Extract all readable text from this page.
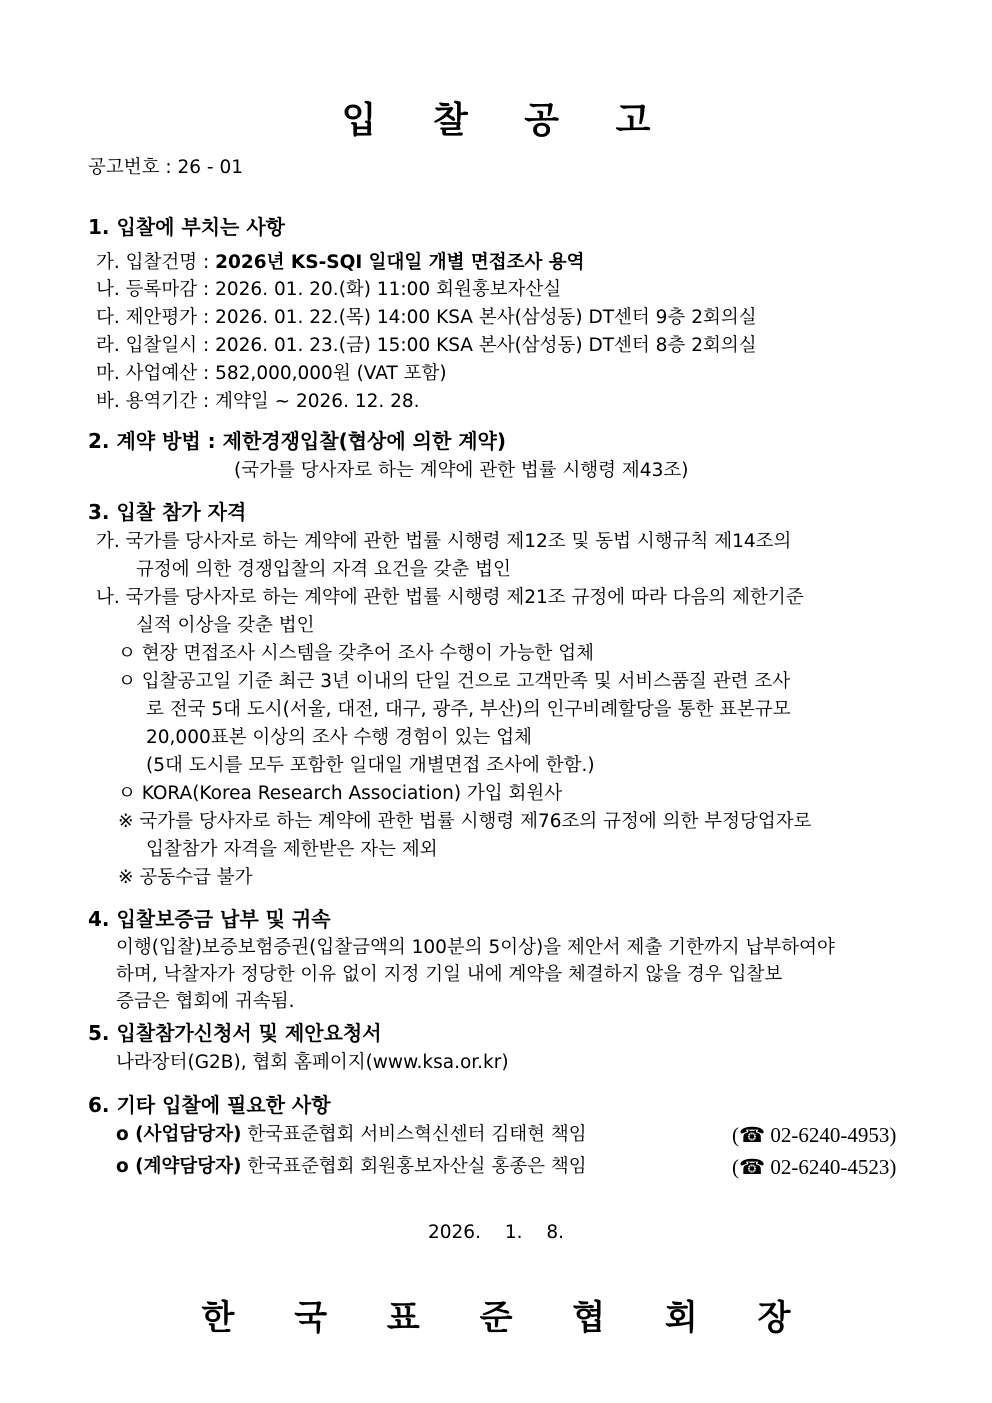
입 찰 공 고
공고번호 : 26 - 01
1. 입찰에 부치는 사항
가. 입찰건명 : 2026년 KS-SQI 일대일 개별 면접조사 용역
나. 등록마감 : 2026. 01. 20.(화) 11:00 회원홍보자산실
다. 제안평가 : 2026. 01. 22.(목) 14:00 KSA 본사(삼성동) DT센터 9층 2회의실
라. 입찰일시 : 2026. 01. 23.(금) 15:00 KSA 본사(삼성동) DT센터 8층 2회의실
마. 사업예산 : 582,000,000원 (VAT 포함)
바. 용역기간 : 계약일 ~ 2026. 12. 28.
2. 계약 방법 : 제한경쟁입찰(협상에 의한 계약)
(국가를 당사자로 하는 계약에 관한 법률 시행령 제43조)
3. 입찰 참가 자격
가. 국가를 당사자로 하는 계약에 관한 법률 시행령 제12조 및 동법 시행규칙 제14조의
규정에 의한 경쟁입찰의 자격 요건을 갖춘 법인
나. 국가를 당사자로 하는 계약에 관한 법률 시행령 제21조 규정에 따라 다음의 제한기준
실적 이상을 갖춘 법인
ㅇ 현장 면접조사 시스템을 갖추어 조사 수행이 가능한 업체
ㅇ 입찰공고일 기준 최근 3년 이내의 단일 건으로 고객만족 및 서비스품질 관련 조사
로 전국 5대 도시(서울, 대전, 대구, 광주, 부산)의 인구비례할당을 통한 표본규모
20,000표본 이상의 조사 수행 경험이 있는 업체
(5대 도시를 모두 포함한 일대일 개별면접 조사에 한함.)
ㅇ KORA(Korea Research Association) 가입 회원사
※ 국가를 당사자로 하는 계약에 관한 법률 시행령 제76조의 규정에 의한 부정당업자로
입찰참가 자격을 제한받은 자는 제외
※ 공동수급 불가
4. 입찰보증금 납부 및 귀속
이행(입찰)보증보험증권(입찰금액의 100분의 5이상)을 제안서 제출 기한까지 납부하여야
하며, 낙찰자가 정당한 이유 없이 지정 기일 내에 계약을 체결하지 않을 경우 입찰보
증금은 협회에 귀속됨.
5. 입찰참가신청서 및 제안요청서
나라장터(G2B), 협회 홈페이지(www.ksa.or.kr)
6. 기타 입찰에 필요한 사항
o (사업담당자) 한국표준협회 서비스혁신센터 김태현 책임	(☎ 02-6240-4953)
o (계약담당자) 한국표준협회 회원홍보자산실 홍종은 책임	(☎ 02-6240-4523)
2026. 1. 8.
한 국 표 준 협 회 장
